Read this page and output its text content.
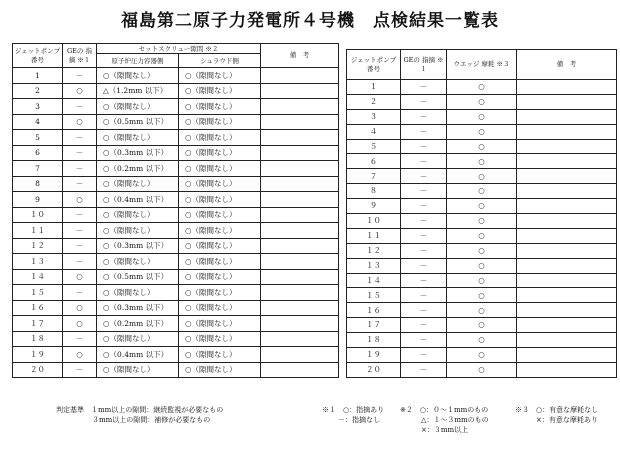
福島第二原子力発電所４号機　点検結果一覧表
ジェットポンプ 番号	GEの 指摘 ※１	セットスクリュー隙間 ※２		備　考
		原子炉圧力容器側	シュラウド側	
1	－	○（隙間なし）	○（隙間なし）	
2	○	△（1.2mm 以下）	○（隙間なし）	
3	－	○（隙間なし）	○（隙間なし）	
4	○	○（0.5mm 以下）	○（隙間なし）	
5	－	○（隙間なし）	○（隙間なし）	
6	－	○（0.3mm 以下）	○（隙間なし）	
7	－	○（0.2mm 以下）	○（隙間なし）	
8	－	○（隙間なし）	○（隙間なし）	
9	○	○（0.4mm 以下）	○（隙間なし）	
１０	－	○（隙間なし）	○（隙間なし）	
１１	－	○（隙間なし）	○（隙間なし）	
１２	－	○（0.3mm 以下）	○（隙間なし）	
１３	－	○（隙間なし）	○（隙間なし）	
１４	○	○（0.5mm 以下）	○（隙間なし）	
１５	－	○（隙間なし）	○（隙間なし）	
１６	○	○（0.3mm 以下）	○（隙間なし）	
１７	○	○（0.2mm 以下）	○（隙間なし）	
１８	－	○（隙間なし）	○（隙間なし）	
１９	○	○（0.4mm 以下）	○（隙間なし）	
２０	－	○（隙間なし）	○（隙間なし）	
ジェットポンプ 番号	GEの 指摘 ※１	ウエッジ 摩耗 ※３	備　考
１	－	○	
２	－	○	
３	－	○	
４	－	○	
５	－	○	
６	－	○	
７	－	○	
８	－	○	
９	－	○	
１０	－	○	
１１	－	○	
１２	－	○	
１３	－	○	
１４	－	○	
１５	－	○	
１６	－	○	
１７	－	○	
１８	－	○	
１９	－	○	
２０	－	○	
判定基準　 １mm以上の隙間：継続監視が必要なもの
３mm以上の隙間：補修が必要なもの
※１　○：指摘あり
－：指摘なし
※２　○：０～１mmのもの
△：１～３mmのもの
×：３mm以上
※３　○：有意な摩耗なし
×：有意な摩耗あり
